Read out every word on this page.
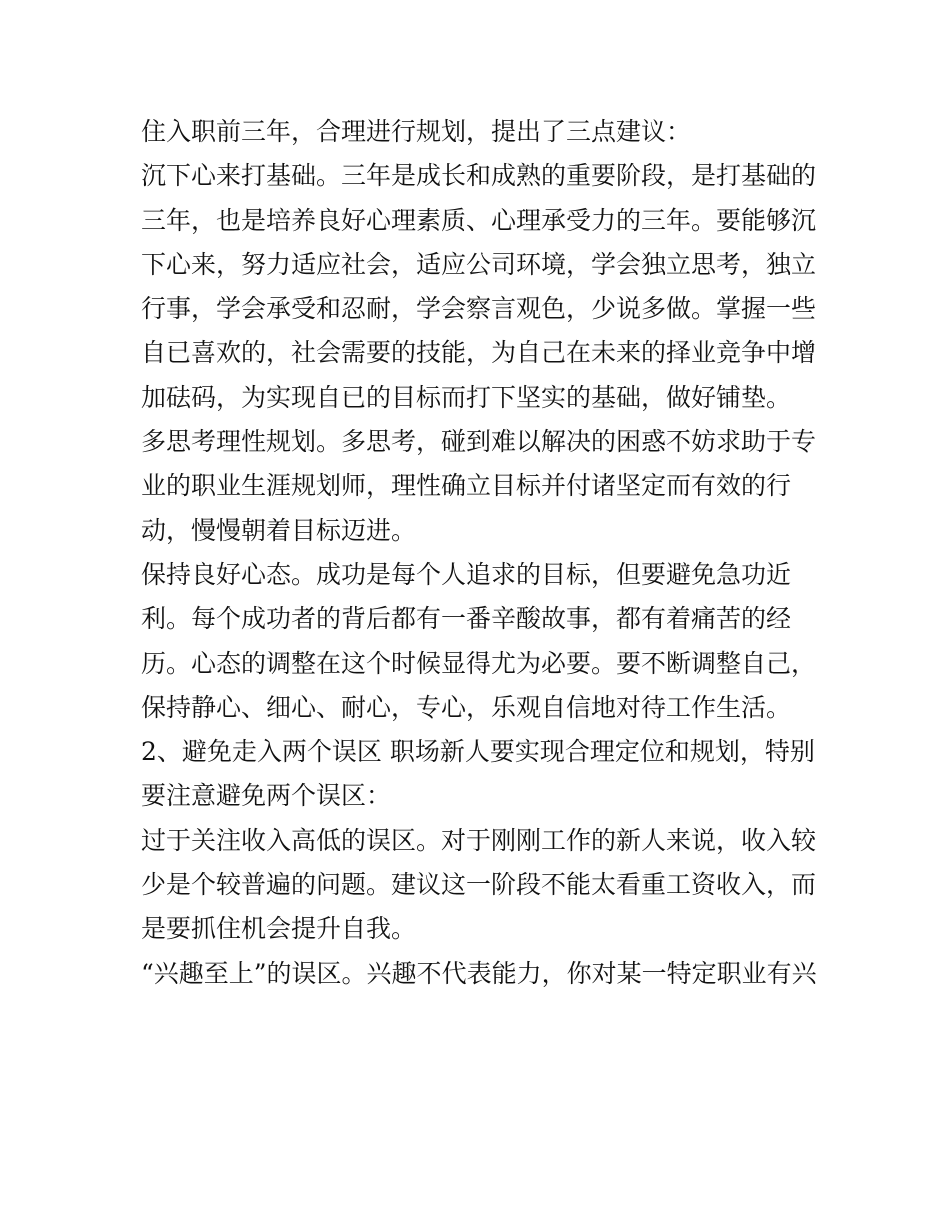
住入职前三年，合理进行规划，提出了三点建议：
沉下心来打基础。三年是成长和成熟的重要阶段，是打基础的
三年，也是培养良好心理素质、心理承受力的三年。要能够沉
下心来，努力适应社会，适应公司环境，学会独立思考，独立
行事，学会承受和忍耐，学会察言观色，少说多做。掌握一些
自已喜欢的，社会需要的技能，为自己在未来的择业竞争中增
加砝码，为实现自已的目标而打下坚实的基础，做好铺垫。
多思考理性规划。多思考，碰到难以解决的困惑不妨求助于专
业的职业生涯规划师，理性确立目标并付诸坚定而有效的行
动，慢慢朝着目标迈进。
保持良好心态。成功是每个人追求的目标，但要避免急功近
利。每个成功者的背后都有一番辛酸故事，都有着痛苦的经
历。心态的调整在这个时候显得尤为必要。要不断调整自己，
保持静心、细心、耐心，专心，乐观自信地对待工作生活。
2、避免走入两个误区 职场新人要实现合理定位和规划，特别
要注意避免两个误区：
过于关注收入高低的误区。对于刚刚工作的新人来说，收入较
少是个较普遍的问题。建议这一阶段不能太看重工资收入，而
是要抓住机会提升自我。
“兴趣至上”的误区。兴趣不代表能力，你对某一特定职业有兴
